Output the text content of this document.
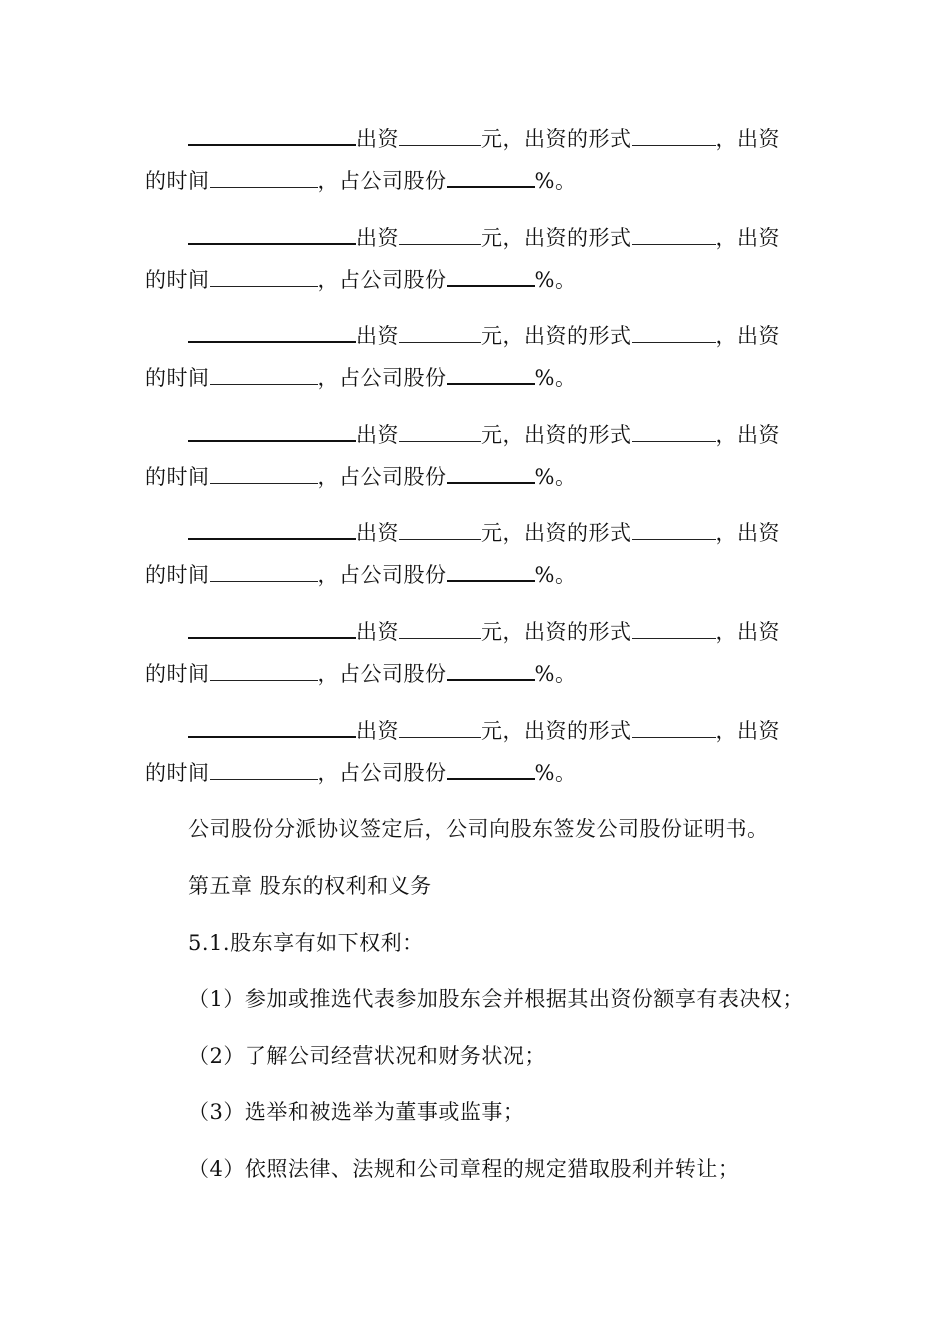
出资	元，出资的形式	，出资
的时间	，占公司股份	%。
出资	元，出资的形式	，出资
的时间	，占公司股份	%。
出资	元，出资的形式	，出资
的时间	，占公司股份	%。
出资	元，出资的形式	，出资
的时间	，占公司股份	%。
出资	元，出资的形式	，出资
的时间	，占公司股份	%。
出资	元，出资的形式	，出资
的时间	，占公司股份	%。
出资	元，出资的形式	，出资
的时间	，占公司股份	%。
公司股份分派协议签定后，公司向股东签发公司股份证明书。
第五章 股东的权利和义务
5.1.股东享有如下权利：
（1）参加或推选代表参加股东会并根据其出资份额享有表决权；
（2）了解公司经营状况和财务状况；
（3）选举和被选举为董事或监事；
（4）依照法律、法规和公司章程的规定猎取股利并转让；
